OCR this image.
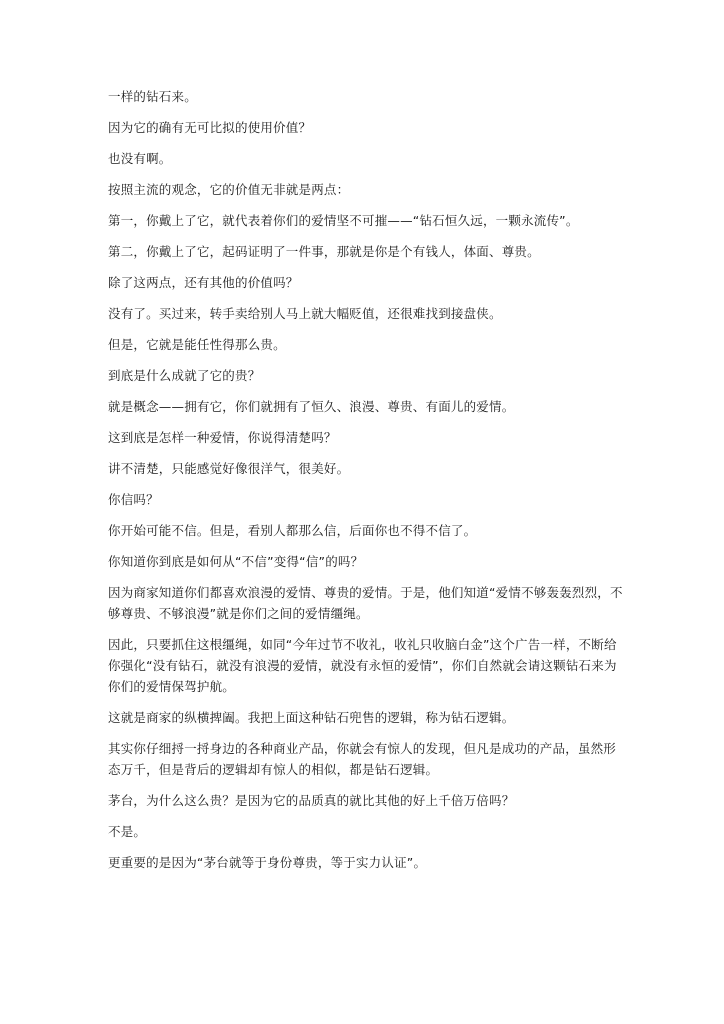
一样的钻石来。

因为它的确有无可比拟的使用价值？

也没有啊。

按照主流的观念，它的价值无非就是两点：

第一，你戴上了它，就代表着你们的爱情坚不可摧——“钻石恒久远，一颗永流传”。

第二，你戴上了它，起码证明了一件事，那就是你是个有钱人，体面、尊贵。

除了这两点，还有其他的价值吗？

没有了。买过来，转手卖给别人马上就大幅贬值，还很难找到接盘侠。

但是，它就是能任性得那么贵。

到底是什么成就了它的贵？

就是概念——拥有它，你们就拥有了恒久、浪漫、尊贵、有面儿的爱情。

这到底是怎样一种爱情，你说得清楚吗？

讲不清楚，只能感觉好像很洋气，很美好。

你信吗？

你开始可能不信。但是，看别人都那么信，后面你也不得不信了。

你知道你到底是如何从“不信”变得“信”的吗？

因为商家知道你们都喜欢浪漫的爱情、尊贵的爱情。于是，他们知道“爱情不够轰轰烈烈，不够尊贵、不够浪漫”就是你们之间的爱情缰绳。

因此，只要抓住这根缰绳，如同“今年过节不收礼，收礼只收脑白金”这个广告一样，不断给你强化“没有钻石，就没有浪漫的爱情，就没有永恒的爱情”，你们自然就会请这颗钻石来为你们的爱情保驾护航。

这就是商家的纵横捭阖。我把上面这种钻石兜售的逻辑，称为钻石逻辑。

其实你仔细捋一捋身边的各种商业产品，你就会有惊人的发现，但凡是成功的产品，虽然形态万千，但是背后的逻辑却有惊人的相似，都是钻石逻辑。

茅台，为什么这么贵？是因为它的品质真的就比其他的好上千倍万倍吗？

不是。

更重要的是因为“茅台就等于身份尊贵，等于实力认证”。
